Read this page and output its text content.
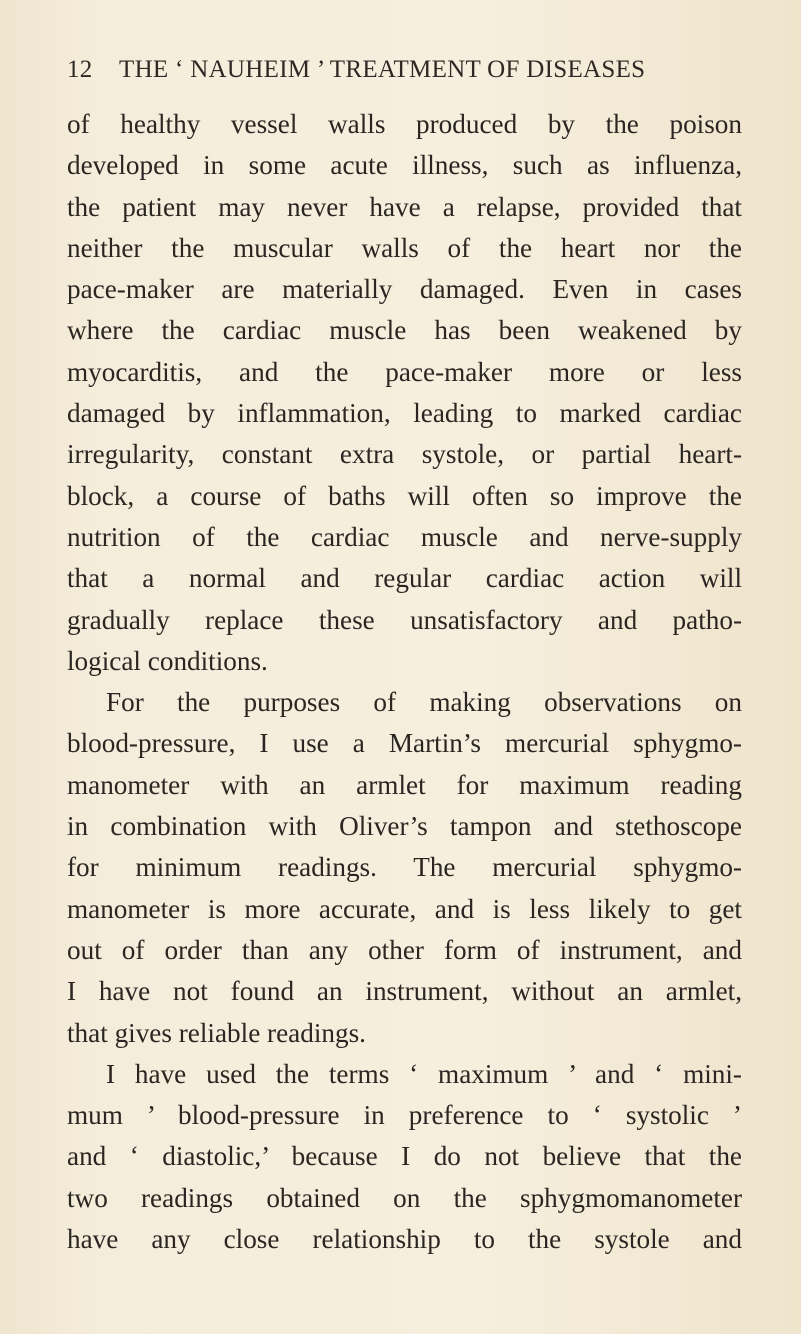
12	THE ‘ NAUHEIM ’ TREATMENT OF DISEASES
of healthy vessel walls produced by the poison
developed in some acute illness, such as influenza,
the patient may never have a relapse, provided that
neither the muscular walls of the heart nor the
pace-maker are materially damaged. Even in cases
where the cardiac muscle has been weakened by
myocarditis, and the pace-maker more or less
damaged by inflammation, leading to marked cardiac
irregularity, constant extra systole, or partial heart-
block, a course of baths will often so improve the
nutrition of the cardiac muscle and nerve-supply
that a normal and regular cardiac action will
gradually replace these unsatisfactory and patho-
logical conditions.
For the purposes of making observations on
blood-pressure, I use a Martin’s mercurial sphygmo-
manometer with an armlet for maximum reading
in combination with Oliver’s tampon and stethoscope
for minimum readings. The mercurial sphygmo-
manometer is more accurate, and is less likely to get
out of order than any other form of instrument, and
I have not found an instrument, without an armlet,
that gives reliable readings.
I have used the terms ‘ maximum ’ and ‘ mini-
mum ’ blood-pressure in preference to ‘ systolic ’
and ‘ diastolic,’ because I do not believe that the
two readings obtained on the sphygmomanometer
have any close relationship to the systole and
